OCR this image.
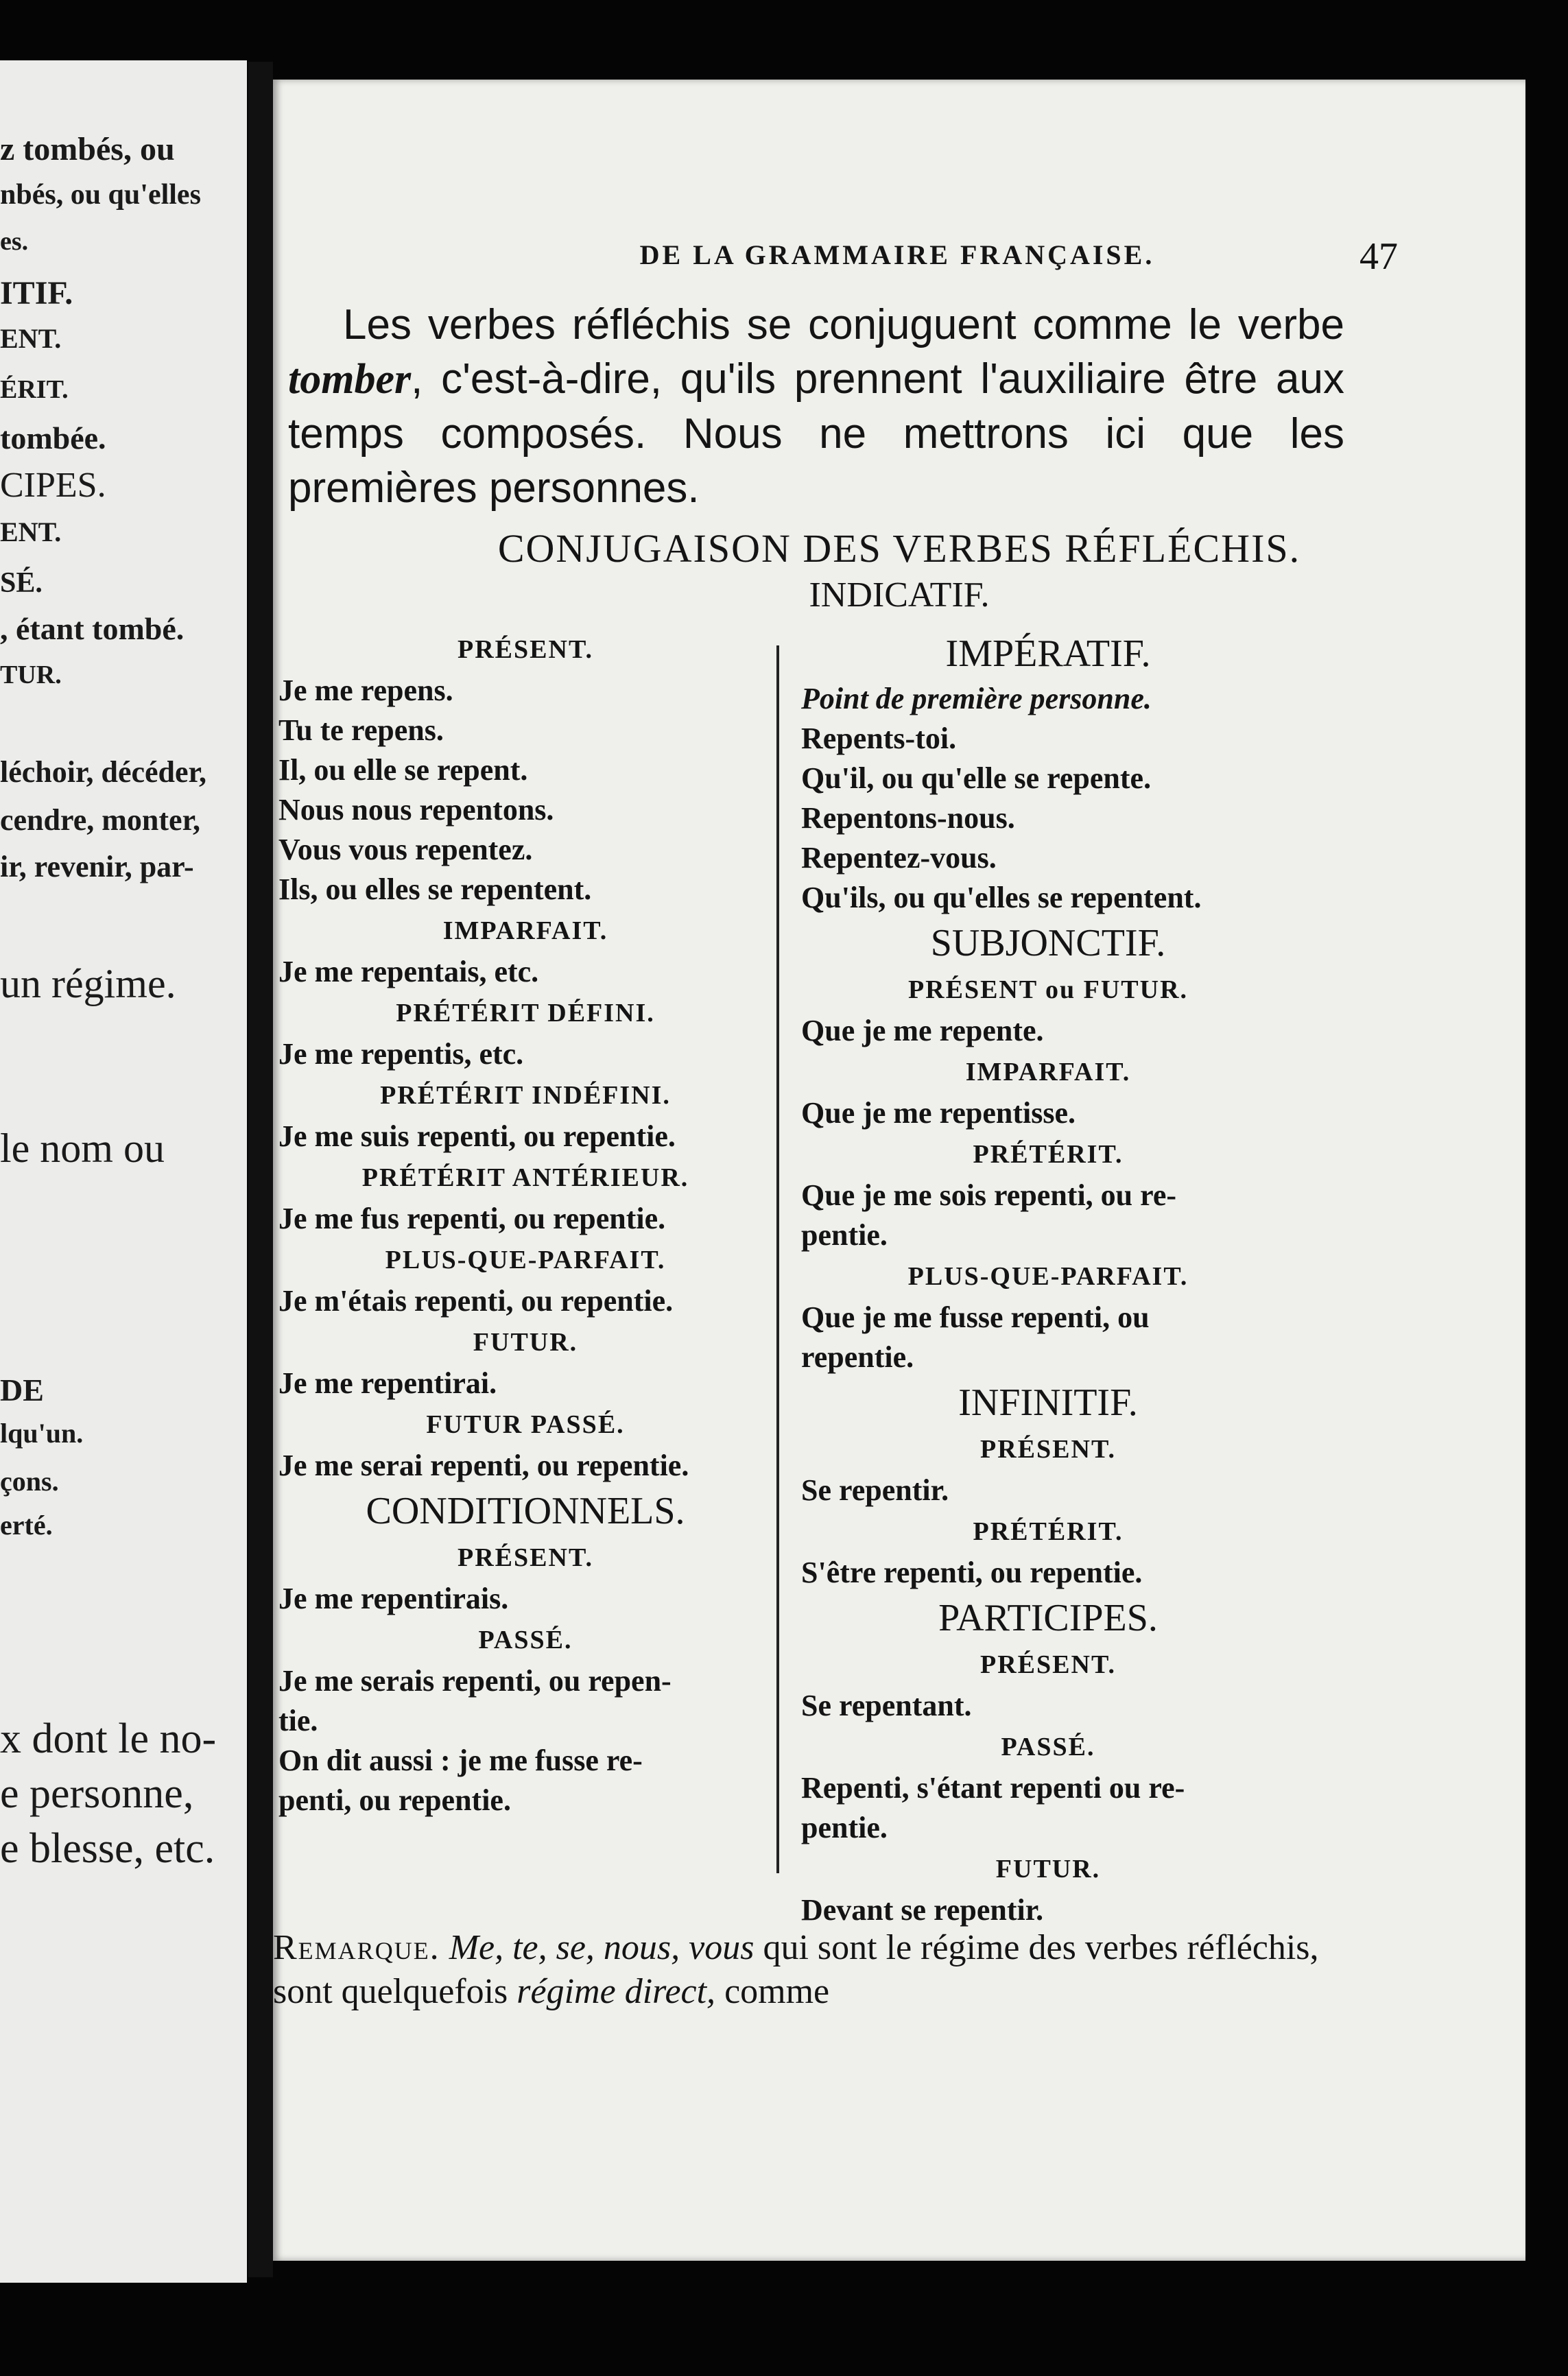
z tombés, ou
nbés, ou qu'elles
es.
ITIF.
ENT.
ÉRIT.
tombée.
CIPES.
ENT.
SÉ.
, étant tombé.
TUR.
léchoir, décéder,
cendre, monter,
ir, revenir, par-
un régime.
le nom ou
DE
lqu'un.
çons.
erté.
x dont le no-
e personne,
e blesse, etc.
DE LA GRAMMAIRE FRANÇAISE.	47

Les verbes réfléchis se conjuguent comme le verbe tomber, c'est-à-dire, qu'ils prennent l'auxiliaire être aux temps composés. Nous ne mettrons ici que les premières personnes.

CONJUGAISON DES VERBES RÉFLÉCHIS.
INDICATIF.
PRÉSENT.
Je me repens.
Tu te repens.
Il, ou elle se repent.
Nous nous repentons.
Vous vous repentez.
Ils, ou elles se repentent.
IMPARFAIT.
Je me repentais, etc.
PRÉTÉRIT DÉFINI.
Je me repentis, etc.
PRÉTÉRIT INDÉFINI.
Je me suis repenti, ou repentie.
PRÉTÉRIT ANTÉRIEUR.
Je me fus repenti, ou repentie.
PLUS-QUE-PARFAIT.
Je m'étais repenti, ou repentie.
FUTUR.
Je me repentirai.
FUTUR PASSÉ.
Je me serai repenti, ou repentie.
CONDITIONNELS.
PRÉSENT.
Je me repentirais.
PASSÉ.
Je me serais repenti, ou repen-
tie.
On dit aussi : je me fusse re-
penti, ou repentie.
IMPÉRATIF.
Point de première personne.
Repents-toi.
Qu'il, ou qu'elle se repente.
Repentons-nous.
Repentez-vous.
Qu'ils, ou qu'elles se repentent.
SUBJONCTIF.
PRÉSENT ou FUTUR.
Que je me repente.
IMPARFAIT.
Que je me repentisse.
PRÉTÉRIT.
Que je me sois repenti, ou re-
pentie.
PLUS-QUE-PARFAIT.
Que je me fusse repenti, ou
repentie.
INFINITIF.
PRÉSENT.
Se repentir.
PRÉTÉRIT.
S'être repenti, ou repentie.
PARTICIPES.
PRÉSENT.
Se repentant.
PASSÉ.
Repenti, s'étant repenti ou re-
pentie.
FUTUR.
Devant se repentir.
Remarque. Me, te, se, nous, vous qui sont le régime des verbes réfléchis, sont quelquefois régime direct, comme
